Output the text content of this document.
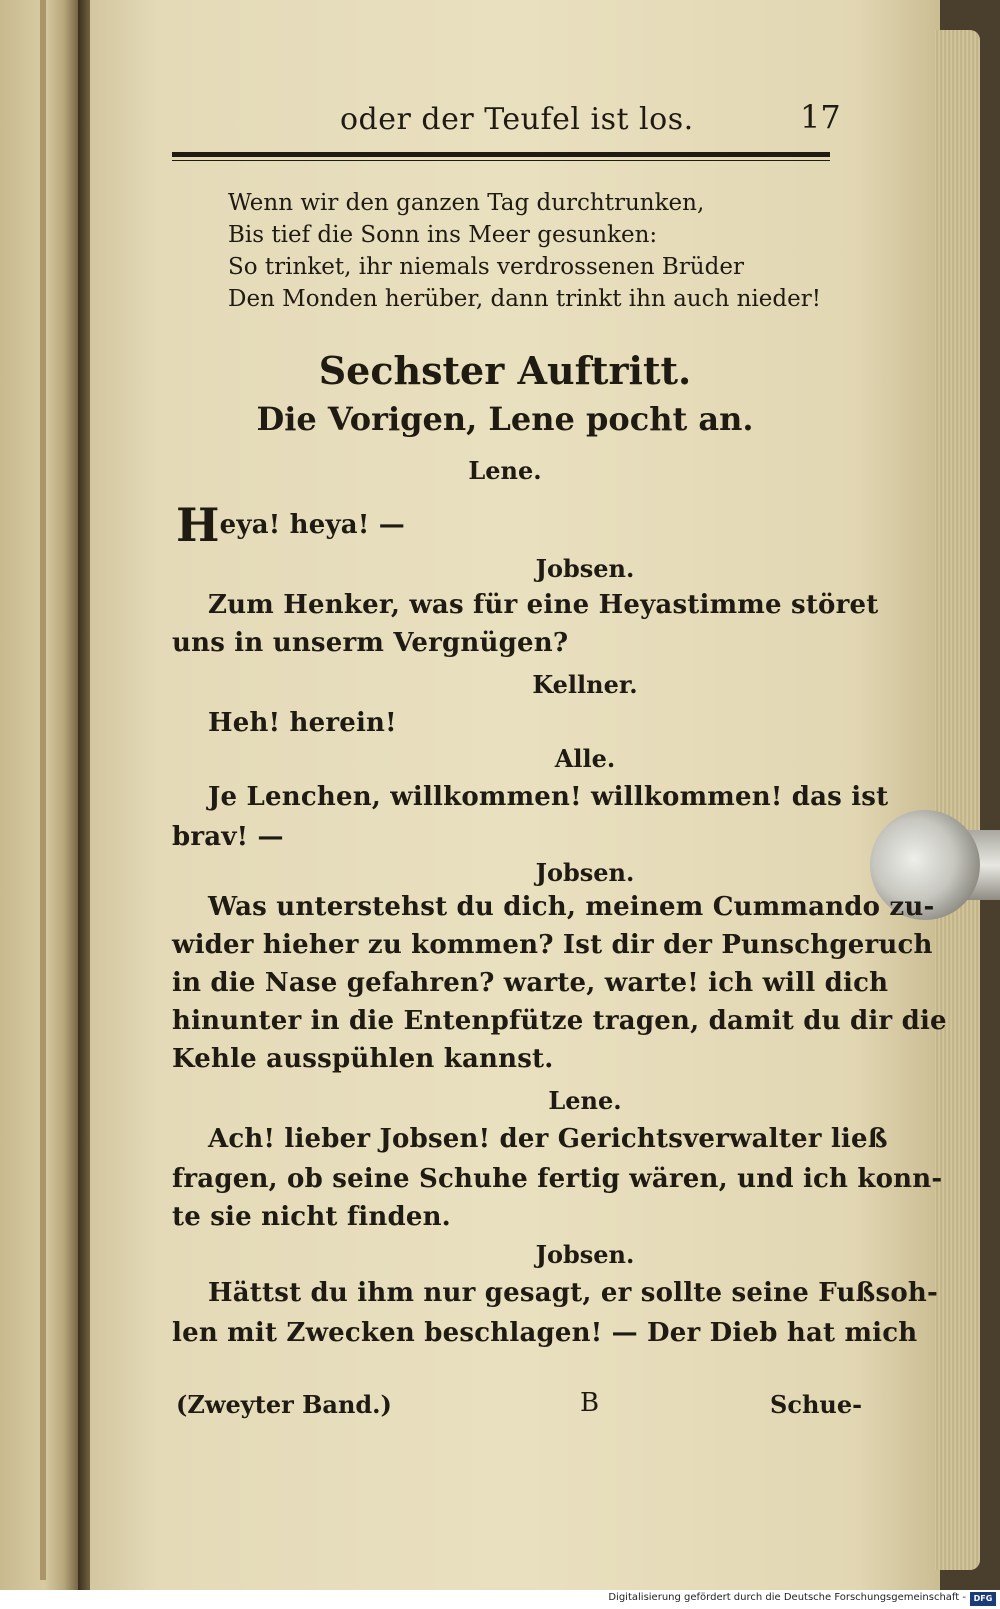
oder der Teufel ist los.	17
Wenn wir den ganzen Tag durchtrunken,
Bis tief die Sonn ins Meer gesunken:
So trinket, ihr niemals verdrossenen Brüder
Den Monden herüber, dann trinkt ihn auch nieder!
Sechster Auftritt.
Die Vorigen, Lene pocht an.
Lene.
Heya! heya! —
Jobsen.
Zum Henker, was für eine Heyastimme störet
uns in unserm Vergnügen?
Kellner.
Heh! herein!
Alle.
Je Lenchen, willkommen! willkommen! das ist
brav! —
Jobsen.
Was unterstehst du dich, meinem Cummando zu-
wider hieher zu kommen? Ist dir der Punschgeruch
in die Nase gefahren? warte, warte! ich will dich
hinunter in die Entenpfütze tragen, damit du dir die
Kehle ausspühlen kannst.
Lene.
Ach! lieber Jobsen! der Gerichtsverwalter ließ
fragen, ob seine Schuhe fertig wären, und ich konn-
te sie nicht finden.
Jobsen.
Hättst du ihm nur gesagt, er sollte seine Fußsoh-
len mit Zwecken beschlagen! — Der Dieb hat mich
(Zweyter Band.)	B	Schue-
Digitalisierung gefördert durch die Deutsche Forschungsgemeinschaft - DFG
